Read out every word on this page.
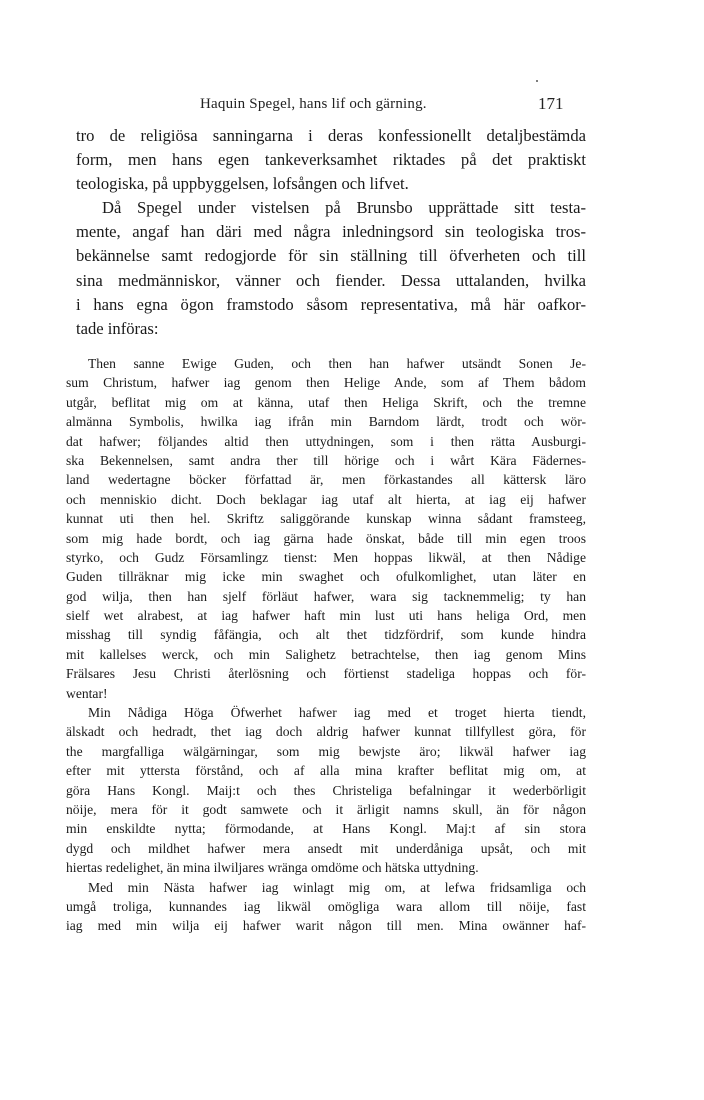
Haquin Spegel, hans lif och gärning.	171
tro de religiösa sanningarna i deras konfessionellt detaljbestämda
form, men hans egen tankeverksamhet riktades på det praktiskt
teologiska, på uppbyggelsen, lofsången och lifvet.
Då Spegel under vistelsen på Brunsbo upprättade sitt testa-
mente, angaf han däri med några inledningsord sin teologiska tros-
bekännelse samt redogjorde för sin ställning till öfverheten och till
sina medmänniskor, vänner och fiender. Dessa uttalanden, hvilka
i hans egna ögon framstodo såsom representativa, må här oafkor-
tade införas:
Then sanne Ewige Guden, och then han hafwer utsändt Sonen Je-
sum Christum, hafwer iag genom then Helige Ande, som af Them bådom
utgår, beflitat mig om at känna, utaf then Heliga Skrift, och the tremne
almänna Symbolis, hwilka iag ifrån min Barndom lärdt, trodt och wör-
dat hafwer; följandes altid then uttydningen, som i then rätta Ausburgi-
ska Bekennelsen, samt andra ther till hörige och i wårt Kära Fädernes-
land wedertagne böcker författad är, men förkastandes all kättersk läro
och menniskio dicht. Doch beklagar iag utaf alt hierta, at iag eij hafwer
kunnat uti then hel. Skriftz saliggörande kunskap winna sådant framsteeg,
som mig hade bordt, och iag gärna hade önskat, både till min egen troos
styrko, och Gudz Församlingz tienst: Men hoppas likwäl, at then Nådige
Guden tillräknar mig icke min swaghet och ofulkomlighet, utan läter en
god wilja, then han sjelf förläut hafwer, wara sig tacknemmelig; ty han
sielf wet alrabest, at iag hafwer haft min lust uti hans heliga Ord, men
misshag till syndig fåfängia, och alt thet tidzfördrif, som kunde hindra
mit kallelses werck, och min Salighetz betrachtelse, then iag genom Mins
Frälsares Jesu Christi återlösning och förtienst stadeliga hoppas och för-
wentar!
Min Nådiga Höga Öfwerhet hafwer iag med et troget hierta tiendt,
älskadt och hedradt, thet iag doch aldrig hafwer kunnat tillfyllest göra, för
the margfalliga wälgärningar, som mig bewjste äro; likwäl hafwer iag
efter mit yttersta förstånd, och af alla mina krafter beflitat mig om, at
göra Hans Kongl. Maij:t och thes Christeliga befalningar it wederbörligit
nöije, mera för it godt samwete och it ärligit namns skull, än för någon
min enskildte nytta; förmodande, at Hans Kongl. Maj:t af sin stora
dygd och mildhet hafwer mera ansedt mit underdåniga upsåt, och mit
hiertas redelighet, än mina ilwiljares wränga omdöme och hätska uttydning.
Med min Nästa hafwer iag winlagt mig om, at lefwa fridsamliga och
umgå troliga, kunnandes iag likwäl omögliga wara allom till nöije, fast
iag med min wilja eij hafwer warit någon till men. Mina owänner haf-
